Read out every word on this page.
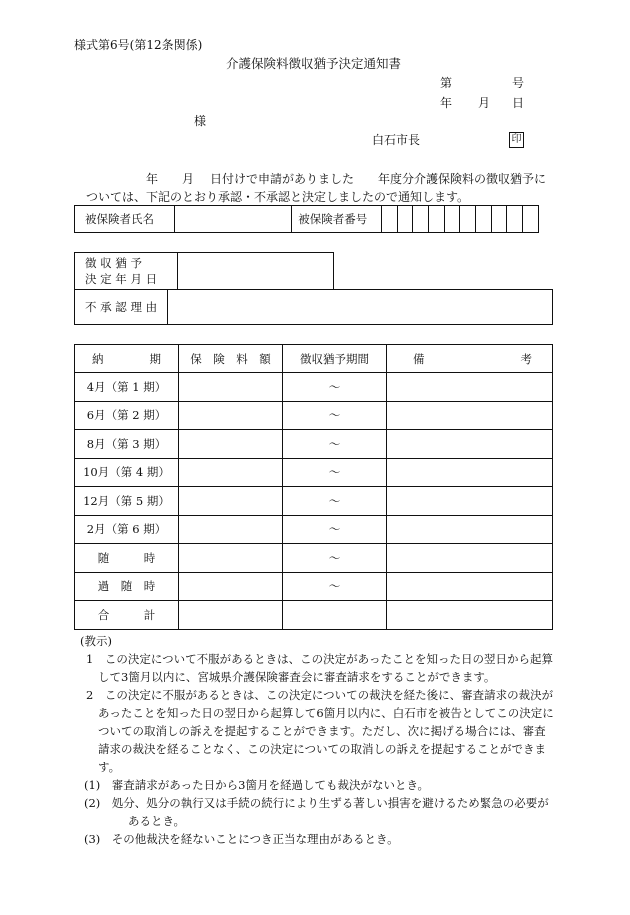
様式第6号(第12条関係)
介護保険料徴収猶予決定通知書
第	号
年 月 日
様
白石市長	印
年 月 日付けで申請がありました　　年度分介護保険料の徴収猶予に
ついては、下記のとおり承認・不承認と決定しましたので通知します。
被保険者氏名		被保険者番号										
徴 収 猶 予
決 定 年 月 日

不 承 認 理 由	
納　　　　期	保　険　料　額	徴収猶予期間	備 考

4月（第 1 期）		～	
6月（第 2 期）		～	
8月（第 3 期）		～	
10月（第 4 期）		～	
12月（第 5 期）		～	
2月（第 6 期）		～	
随　　　時		～	
過　随　時		～	
合　　　計			

(教示)

1　この決定について不服があるときは、この決定があったことを知った日の翌日から起算して3箇月以内に、宮城県介護保険審査会に審査請求をすることができます。

2　この決定に不服があるときは、この決定についての裁決を経た後に、審査請求の裁決があったことを知った日の翌日から起算して6箇月以内に、白石市を被告としてこの決定についての取消しの訴えを提起することができます。ただし、次に掲げる場合には、審査請求の裁決を経ることなく、この決定についての取消しの訴えを提起することができます。

(1)　審査請求があった日から3箇月を経過しても裁決がないとき。

(2)　処分、処分の執行又は手続の続行により生ずる著しい損害を避けるため緊急の必要があるとき。

(3)　その他裁決を経ないことにつき正当な理由があるとき。
